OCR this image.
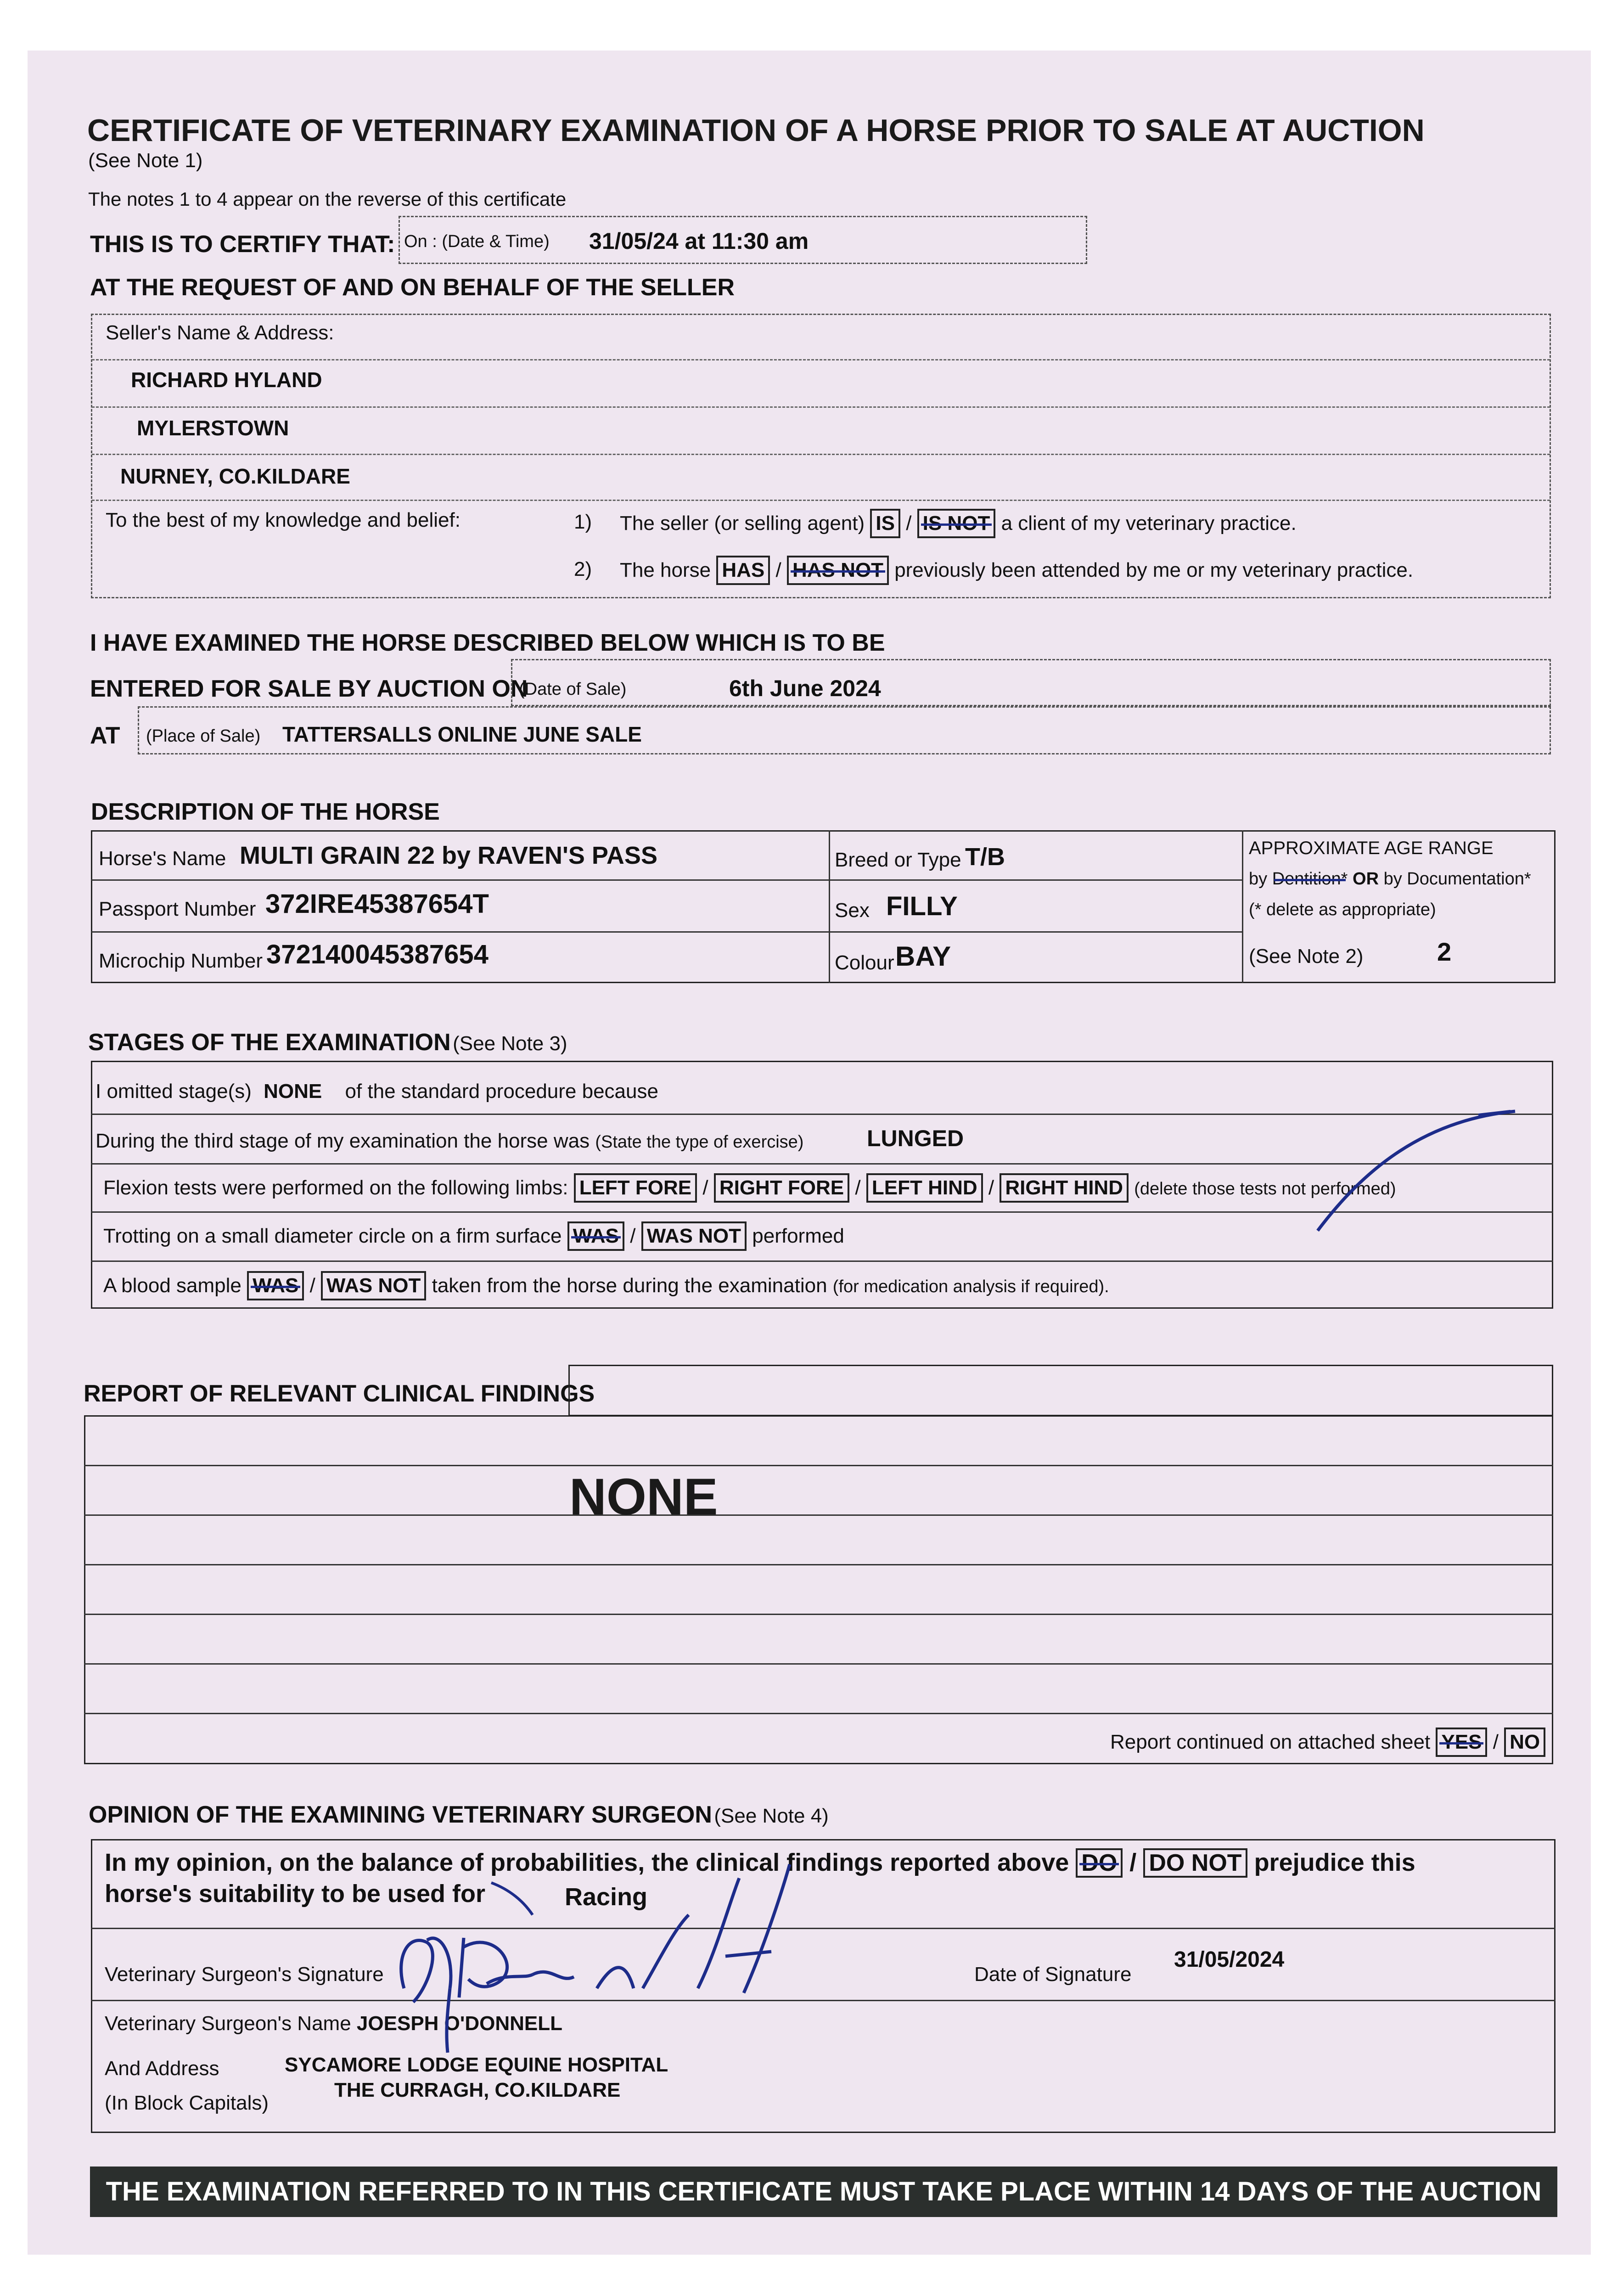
CERTIFICATE OF VETERINARY EXAMINATION OF A HORSE PRIOR TO SALE AT AUCTION
(See Note 1)
The notes 1 to 4 appear on the reverse of this certificate
THIS IS TO CERTIFY THAT: On : (Date & Time) 31/05/24 at 11:30 am
AT THE REQUEST OF AND ON BEHALF OF THE SELLER
Seller's Name & Address:
RICHARD HYLAND
MYLERSTOWN
NURNEY, CO.KILDARE
To the best of my knowledge and belief:	1) The seller (or selling agent) IS / IS NOT a client of my veterinary practice.
2) The horse HAS / HAS NOT previously been attended by me or my veterinary practice.
I HAVE EXAMINED THE HORSE DESCRIBED BELOW WHICH IS TO BE
ENTERED FOR SALE BY AUCTION ON
(Date of Sale)	6th June 2024
AT (Place of Sale) TATTERSALLS ONLINE JUNE SALE
DESCRIPTION OF THE HORSE
Horse's Name MULTI GRAIN 22 by RAVEN'S PASS
Passport Number 372IRE45387654T
Microchip Number 372140045387654
Breed or Type T/B
Sex FILLY
Colour BAY
APPROXIMATE AGE RANGE
by Dentition* OR by Documentation*
(* delete as appropriate)
(See Note 2)	2
STAGES OF THE EXAMINATION (See Note 3)
I omitted stage(s) NONE of the standard procedure because
During the third stage of my examination the horse was (State the type of exercise)	LUNGED
Flexion tests were performed on the following limbs: LEFT FORE / RIGHT FORE / LEFT HIND / RIGHT HIND (delete those tests not performed)
Trotting on a small diameter circle on a firm surface WAS / WAS NOT performed
A blood sample WAS / WAS NOT taken from the horse during the examination (for medication analysis if required).
REPORT OF RELEVANT CLINICAL FINDINGS
NONE
Report continued on attached sheet YES / NO
OPINION OF THE EXAMINING VETERINARY SURGEON (See Note 4)
In my opinion, on the balance of probabilities, the clinical findings reported above DO / DO NOT prejudice this
horse's suitability to be used for	Racing
Veterinary Surgeon's Signature	Date of Signature
31/05/2024
Veterinary Surgeon's Name JOESPH O'DONNELL
And Address
(In Block Capitals)
SYCAMORE LODGE EQUINE HOSPITAL
THE CURRAGH, CO.KILDARE
THE EXAMINATION REFERRED TO IN THIS CERTIFICATE MUST TAKE PLACE WITHIN 14 DAYS OF THE AUCTION
